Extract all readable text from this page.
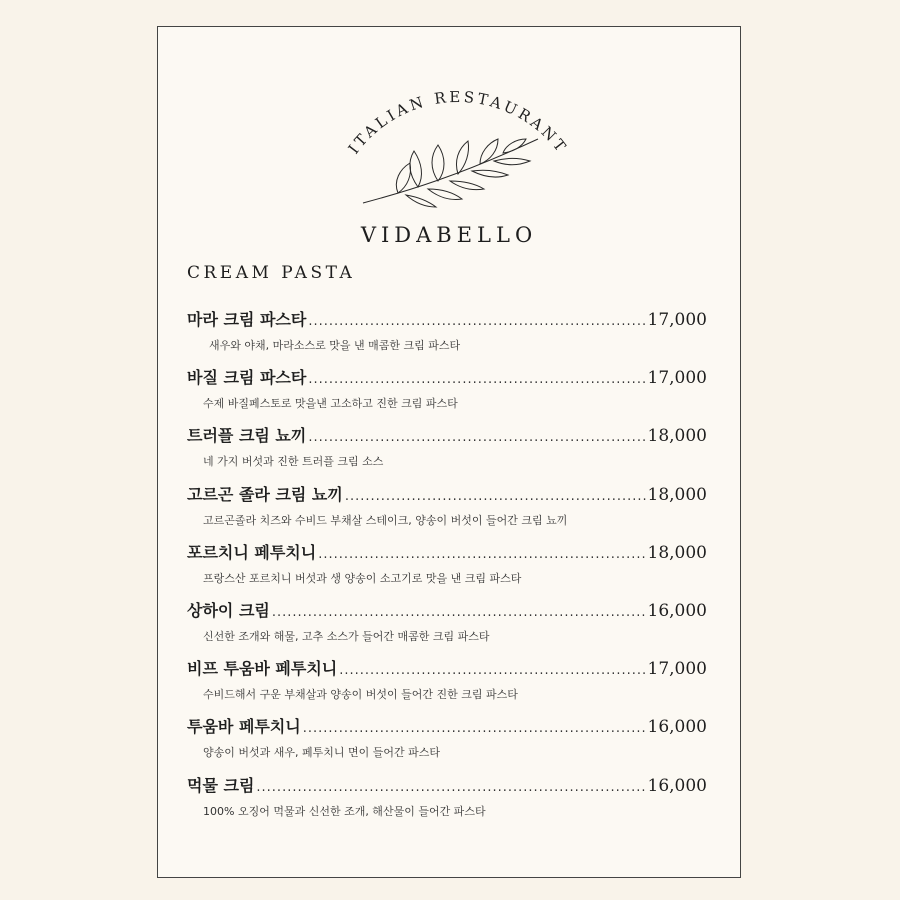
ITALIAN RESTAURANT
VIDABELLO
CREAM PASTA
마라 크림 파스타 .....	17,000
새우와 야채, 마라소스로 맛을 낸 매콤한 크림 파스타
바질 크림 파스타 .....	17,000
수제 바질페스토로 맛을낸 고소하고 진한 크림 파스타
트러플 크림 뇨끼 .....	18,000
네 가지 버섯과 진한 트러플 크림 소스
고르곤 졸라 크림 뇨끼 .....	18,000
고르곤졸라 치즈와 수비드 부채살 스테이크, 양송이 버섯이 들어간 크림 뇨끼
포르치니 페투치니 .....	18,000
프랑스산 포르치니 버섯과 생 양송이 소고기로 맛을 낸 크림 파스타
상하이 크림 .....	16,000
신선한 조개와 해물, 고추 소스가 들어간 매콤한 크림 파스타
비프 투움바 페투치니 .....	17,000
수비드해서 구운 부채살과 양송이 버섯이 들어간 진한 크림 파스타
투움바 페투치니 .....	16,000
양송이 버섯과 새우, 페투치니 면이 들어간 파스타
먹물 크림 .....	16,000
100% 오징어 먹물과 신선한 조개, 해산물이 들어간 파스타
